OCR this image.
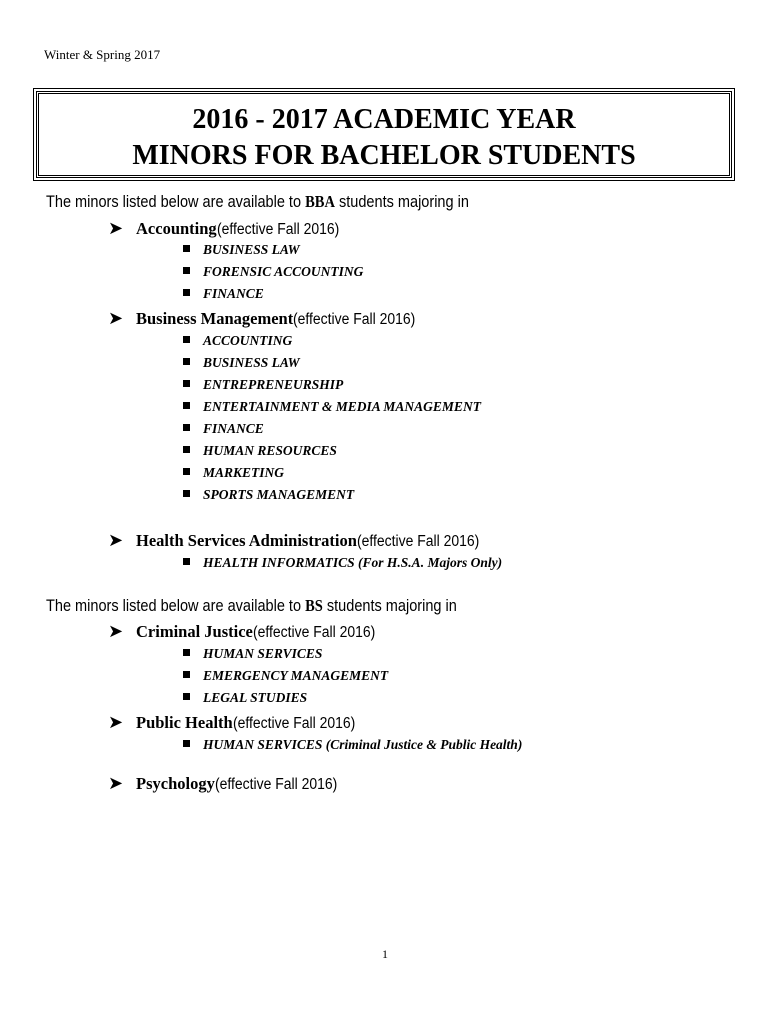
Winter & Spring 2017
2016 - 2017 ACADEMIC YEAR
MINORS FOR BACHELOR STUDENTS
The minors listed below are available to BBA students majoring in
➤ Accounting(effective Fall 2016)
BUSINESS LAW
FORENSIC ACCOUNTING
FINANCE
➤ Business Management(effective Fall 2016)
ACCOUNTING
BUSINESS LAW
ENTREPRENEURSHIP
ENTERTAINMENT & MEDIA MANAGEMENT
FINANCE
HUMAN RESOURCES
MARKETING
SPORTS MANAGEMENT
➤ Health Services Administration(effective Fall 2016)
HEALTH INFORMATICS (For H.S.A. Majors Only)
The minors listed below are available to BS students majoring in
➤ Criminal Justice(effective Fall 2016)
HUMAN SERVICES
EMERGENCY MANAGEMENT
LEGAL STUDIES
➤ Public Health(effective Fall 2016)
HUMAN SERVICES (Criminal Justice & Public Health)
➤ Psychology(effective Fall 2016)
1
